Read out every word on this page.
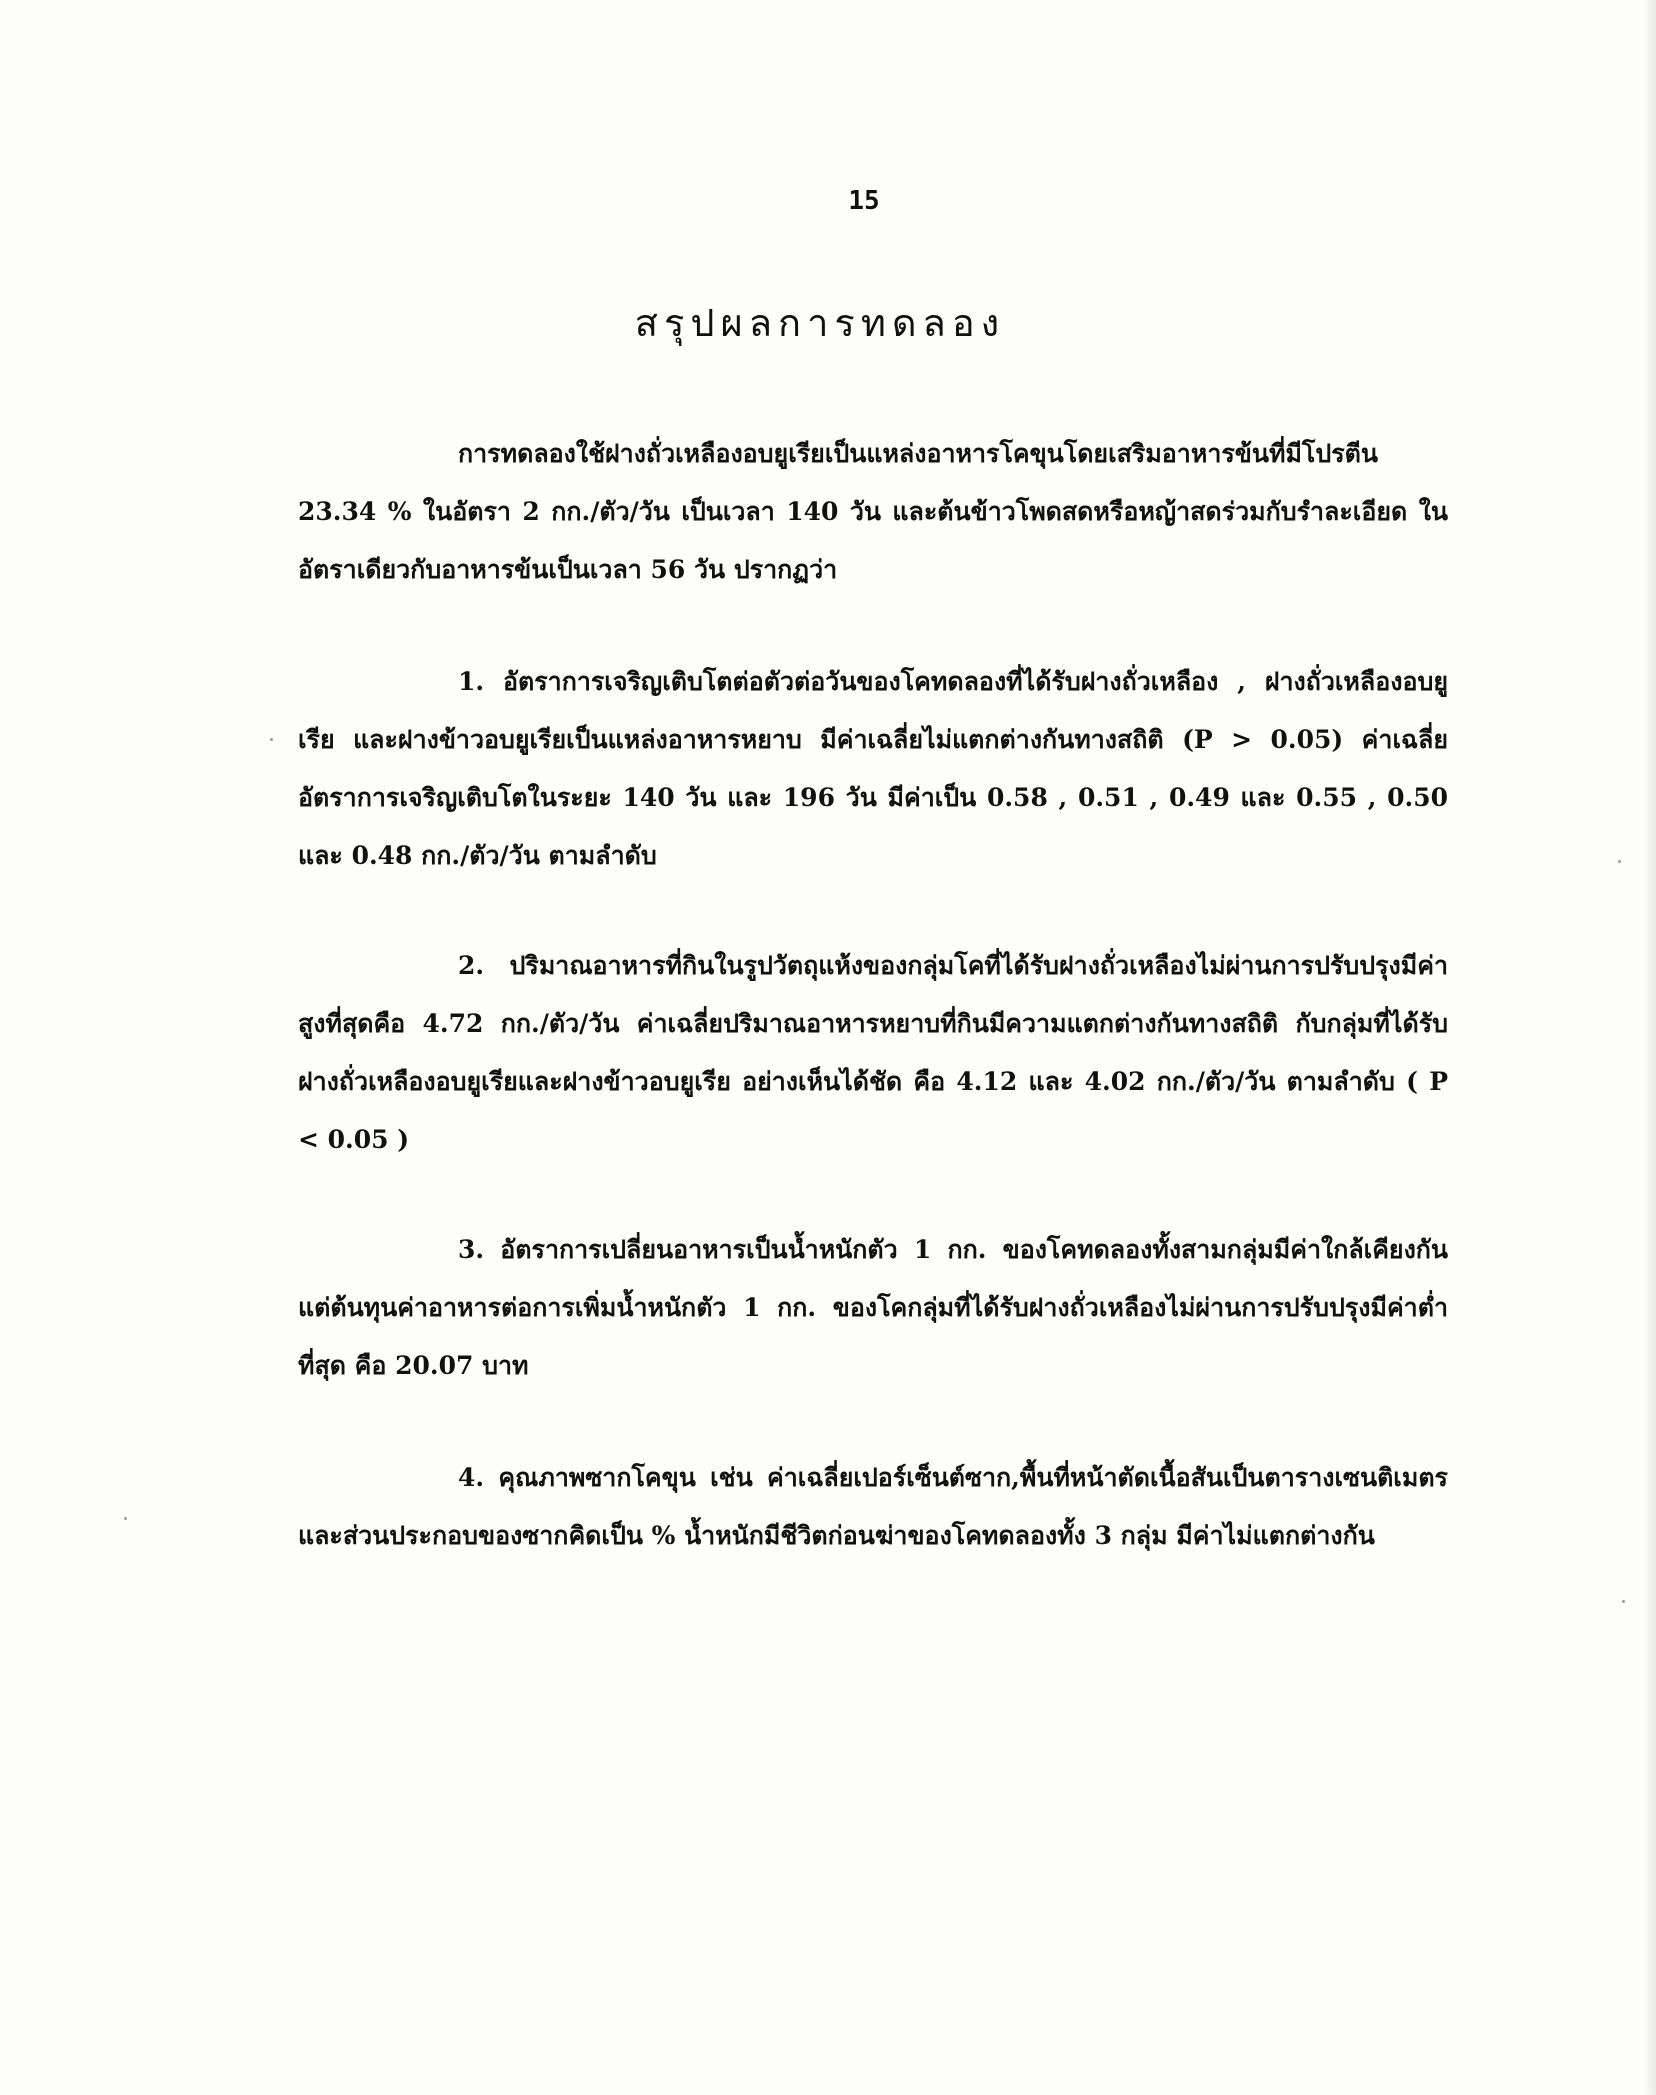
15
สรุปผลการทดลอง

การทดลองใช้ฝางถั่วเหลืองอบยูเรียเป็นแหล่งอาหารโคขุนโดยเสริมอาหารข้นที่มีโปรตีน 23.34 % ในอัตรา 2 กก./ตัว/วัน เป็นเวลา 140 วัน และต้นข้าวโพดสดหรือหญ้าสดร่วมกับรำละเอียด ในอัตราเดียวกับอาหารข้นเป็นเวลา 56 วัน ปรากฏว่า

1. อัตราการเจริญเติบโตต่อตัวต่อวันของโคทดลองที่ได้รับฝางถั่วเหลือง , ฝางถั่วเหลืองอบยูเรีย และฝางข้าวอบยูเรียเป็นแหล่งอาหารหยาบ มีค่าเฉลี่ยไม่แตกต่างกันทางสถิติ (P > 0.05) ค่าเฉลี่ยอัตราการเจริญเติบโตในระยะ 140 วัน และ 196 วัน มีค่าเป็น 0.58 , 0.51 , 0.49 และ 0.55 , 0.50 และ 0.48 กก./ตัว/วัน ตามลำดับ

2. ปริมาณอาหารที่กินในรูปวัตถุแห้งของกลุ่มโคที่ได้รับฝางถั่วเหลืองไม่ผ่านการปรับปรุงมีค่าสูงที่สุดคือ 4.72 กก./ตัว/วัน ค่าเฉลี่ยปริมาณอาหารหยาบที่กินมีความแตกต่างกันทางสถิติ กับกลุ่มที่ได้รับฝางถั่วเหลืองอบยูเรียและฝางข้าวอบยูเรีย อย่างเห็นได้ชัด คือ 4.12 และ 4.02 กก./ตัว/วัน ตามลำดับ ( P < 0.05 )

3. อัตราการเปลี่ยนอาหารเป็นน้ำหนักตัว 1 กก. ของโคทดลองทั้งสามกลุ่มมีค่าใกล้เคียงกัน แต่ต้นทุนค่าอาหารต่อการเพิ่มน้ำหนักตัว 1 กก. ของโคกลุ่มที่ได้รับฝางถั่วเหลืองไม่ผ่านการปรับปรุงมีค่าต่ำที่สุด คือ 20.07 บาท

4. คุณภาพซากโคขุน เช่น ค่าเฉลี่ยเปอร์เซ็นต์ซาก,พื้นที่หน้าตัดเนื้อสันเป็นตารางเซนติเมตรและส่วนประกอบของซากคิดเป็น % น้ำหนักมีชีวิตก่อนฆ่าของโคทดลองทั้ง 3 กลุ่ม มีค่าไม่แตกต่างกัน
